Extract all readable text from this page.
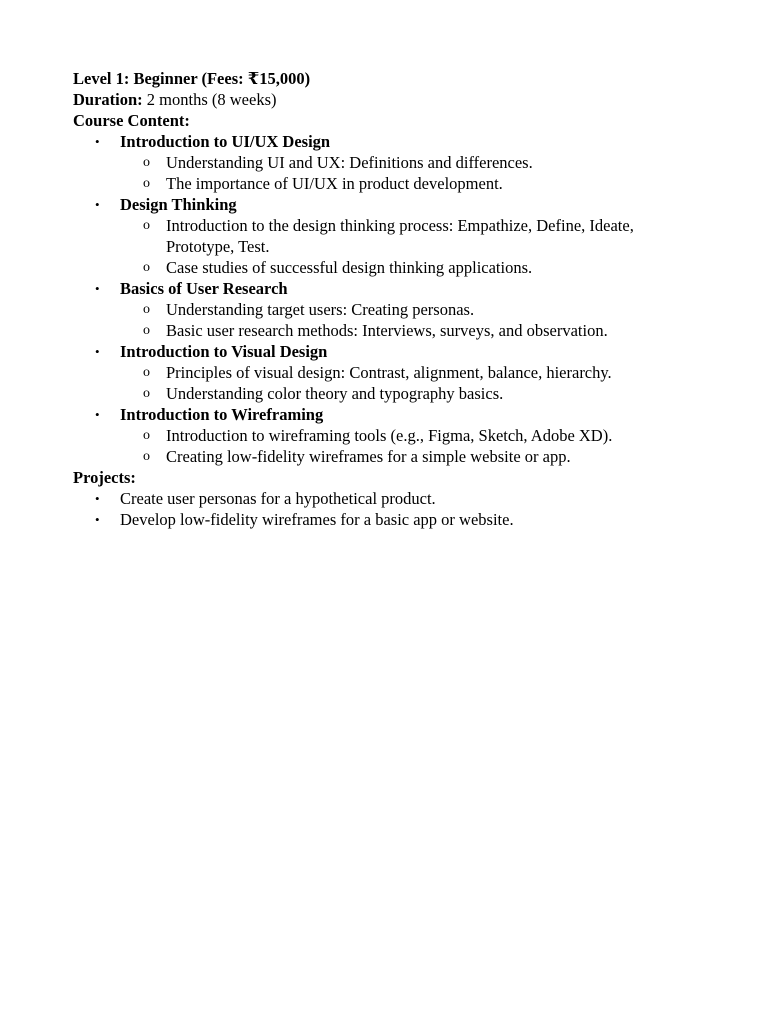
Level 1: Beginner (Fees: ₹15,000)
Duration: 2 months (8 weeks)
Course Content:
• Introduction to UI/UX Design
o Understanding UI and UX: Definitions and differences.
o The importance of UI/UX in product development.
• Design Thinking
o Introduction to the design thinking process: Empathize, Define, Ideate, Prototype, Test.
o Case studies of successful design thinking applications.
• Basics of User Research
o Understanding target users: Creating personas.
o Basic user research methods: Interviews, surveys, and observation.
• Introduction to Visual Design
o Principles of visual design: Contrast, alignment, balance, hierarchy.
o Understanding color theory and typography basics.
• Introduction to Wireframing
o Introduction to wireframing tools (e.g., Figma, Sketch, Adobe XD).
o Creating low-fidelity wireframes for a simple website or app.
Projects:
• Create user personas for a hypothetical product.
• Develop low-fidelity wireframes for a basic app or website.
